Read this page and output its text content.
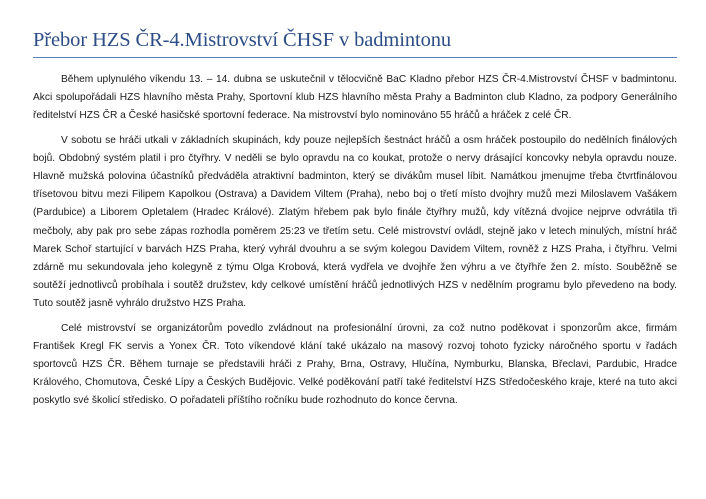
Přebor HZS ČR-4.Mistrovství ČHSF v badmintonu

Během uplynulého víkendu 13. – 14. dubna se uskutečnil v tělocvičně BaC Kladno přebor HZS ČR-4.Mistrovství ČHSF v badmintonu. Akci spolupořádali HZS hlavního města Prahy, Sportovní klub HZS hlavního města Prahy a Badminton club Kladno, za podpory Generálního ředitelství HZS ČR a České hasičské sportovní federace. Na mistrovství bylo nominováno 55 hráčů a hráček z celé ČR.

V sobotu se hráči utkali v základních skupinách, kdy pouze nejlepších šestnáct hráčů a osm hráček postoupilo do nedělních finálových bojů. Obdobný systém platil i pro čtyřhry. V neděli se bylo opravdu na co koukat, protože o nervy drásající koncovky nebyla opravdu nouze. Hlavně mužská polovina účastníků předváděla atraktivní badminton, který se divákům musel líbit. Namátkou jmenujme třeba čtvrtfinálovou třísetovou bitvu mezi Filipem Kapolkou (Ostrava) a Davidem Viltem (Praha), nebo boj o třetí místo dvojhry mužů mezi Miloslavem Vašákem (Pardubice) a Liborem Opletalem (Hradec Králové). Zlatým hřebem pak bylo finále čtyřhry mužů, kdy vítězná dvojice nejprve odvrátila tři mečboly, aby pak pro sebe zápas rozhodla poměrem 25:23 ve třetím setu. Celé mistrovství ovládl, stejně jako v letech minulých, místní hráč Marek Schoř startující v barvách HZS Praha, který vyhrál dvouhru a se svým kolegou Davidem Viltem, rovněž z HZS Praha, i čtyřhru. Velmi zdárně mu sekundovala jeho kolegyně z týmu Olga Krobová, která vydřela ve dvojhře žen výhru a ve čtyřhře žen 2. místo. Souběžně se soutěží jednotlivců probíhala i soutěž družstev, kdy celkové umístění hráčů jednotlivých HZS v nedělním programu bylo převedeno na body. Tuto soutěž jasně vyhrálo družstvo HZS Praha.

Celé mistrovství se organizátorům povedlo zvládnout na profesionální úrovni, za což nutno poděkovat i sponzorům akce, firmám František Kregl FK servis a Yonex ČR. Toto víkendové klání také ukázalo na masový rozvoj tohoto fyzicky náročného sportu v řadách sportovců HZS ČR. Během turnaje se představili hráči z Prahy, Brna, Ostravy, Hlučína, Nymburku, Blanska, Břeclavi, Pardubic, Hradce Králového, Chomutova, České Lípy a Českých Budějovic. Velké poděkování patří také ředitelství HZS Středočeského kraje, které na tuto akci poskytlo své školicí středisko. O pořadateli příštího ročníku bude rozhodnuto do konce června.
